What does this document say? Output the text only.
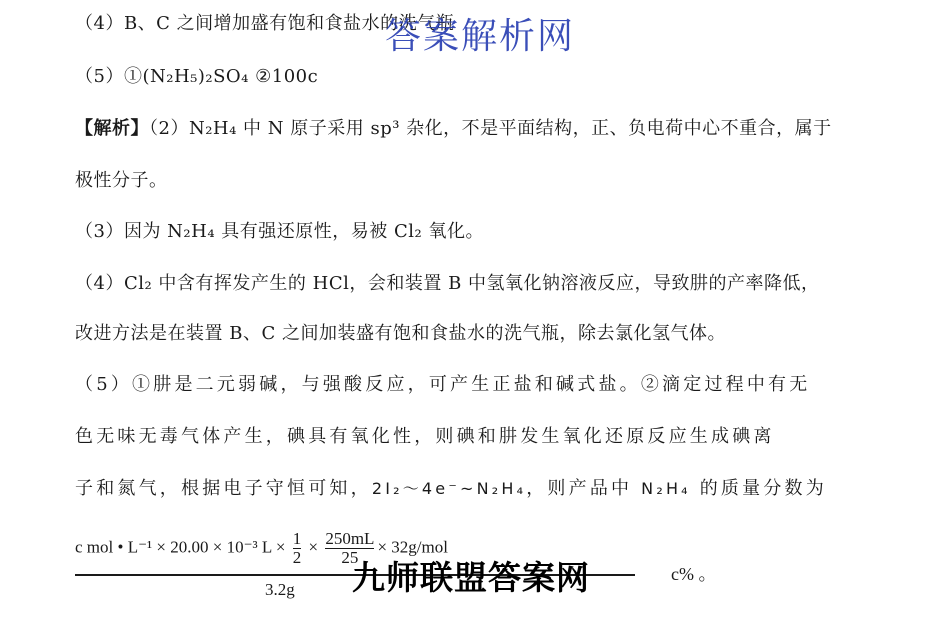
（4）B、C 之间增加盛有饱和食盐水的洗气瓶
（5）①(N₂H₅)₂SO₄ ②100c
【解析】（2）N₂H₄ 中 N 原子采用 sp³ 杂化，不是平面结构，正、负电荷中心不重合，属于
极性分子。
（3）因为 N₂H₄ 具有强还原性，易被 Cl₂ 氧化。
（4）Cl₂ 中含有挥发产生的 HCl，会和装置 B 中氢氧化钠溶液反应，导致肼的产率降低，
改进方法是在装置 B、C 之间加装盛有饱和食盐水的洗气瓶，除去氯化氢气体。
（5）①肼是二元弱碱，与强酸反应，可产生正盐和碱式盐。②滴定过程中有无
色无味无毒气体产生，碘具有氧化性，则碘和肼发生氧化还原反应生成碘离
子和氮气，根据电子守恒可知，2I₂～4e⁻~N₂H₄，则产品中 N₂H₄ 的质量分数为
c mol • L⁻¹ × 20.00 × 10⁻³ $L \times \frac{1}{2} \times \frac{250mL}{25} \times 32g/mol$
3.2g
c% 。
答案解析网
九师联盟答案网
